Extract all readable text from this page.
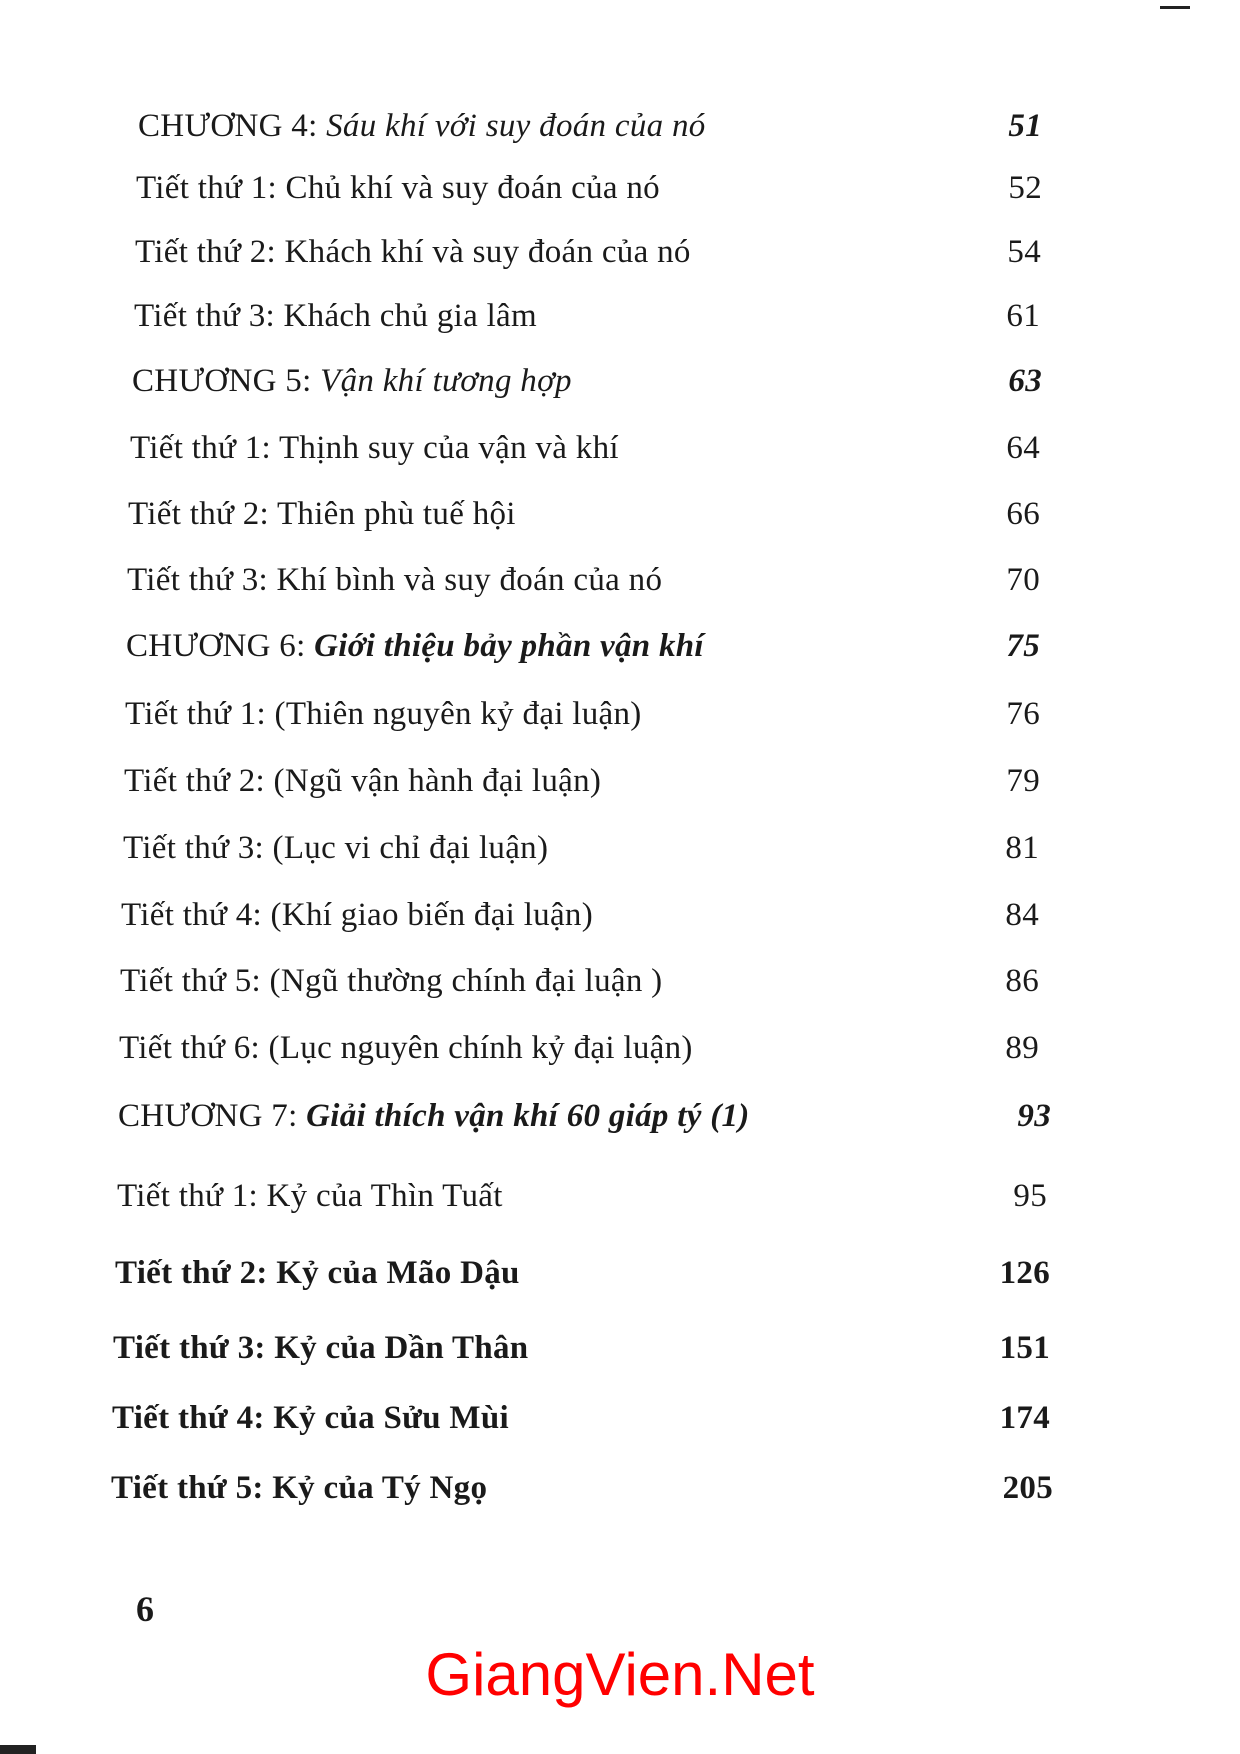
CHƯƠNG 4: Sáu khí với suy đoán của nó	51
Tiết thứ 1: Chủ khí và suy đoán của nó	52
Tiết thứ 2: Khách khí và suy đoán của nó	54
Tiết thứ 3: Khách chủ gia lâm	61
CHƯƠNG 5: Vận khí tương hợp	63
Tiết thứ 1: Thịnh suy của vận và khí	64
Tiết thứ 2: Thiên phù tuế hội	66
Tiết thứ 3: Khí bình và suy đoán của nó	70
CHƯƠNG 6: Giới thiệu bảy phần vận khí	75
Tiết thứ 1: (Thiên nguyên kỷ đại luận)	76
Tiết thứ 2: (Ngũ vận hành đại luận)	79
Tiết thứ 3: (Lục vi chỉ đại luận)	81
Tiết thứ 4: (Khí giao biến đại luận)	84
Tiết thứ 5: (Ngũ thường chính đại luận )	86
Tiết thứ 6: (Lục nguyên chính kỷ đại luận)	89
CHƯƠNG 7: Giải thích vận khí 60 giáp tý (1)	93
Tiết thứ 1: Kỷ của Thìn Tuất	95
Tiết thứ 2: Kỷ của Mão Dậu	126
Tiết thứ 3: Kỷ của Dần Thân	151
Tiết thứ 4: Kỷ của Sửu Mùi	174
Tiết thứ 5: Kỷ của Tý Ngọ	205
6
GiangVien.Net
